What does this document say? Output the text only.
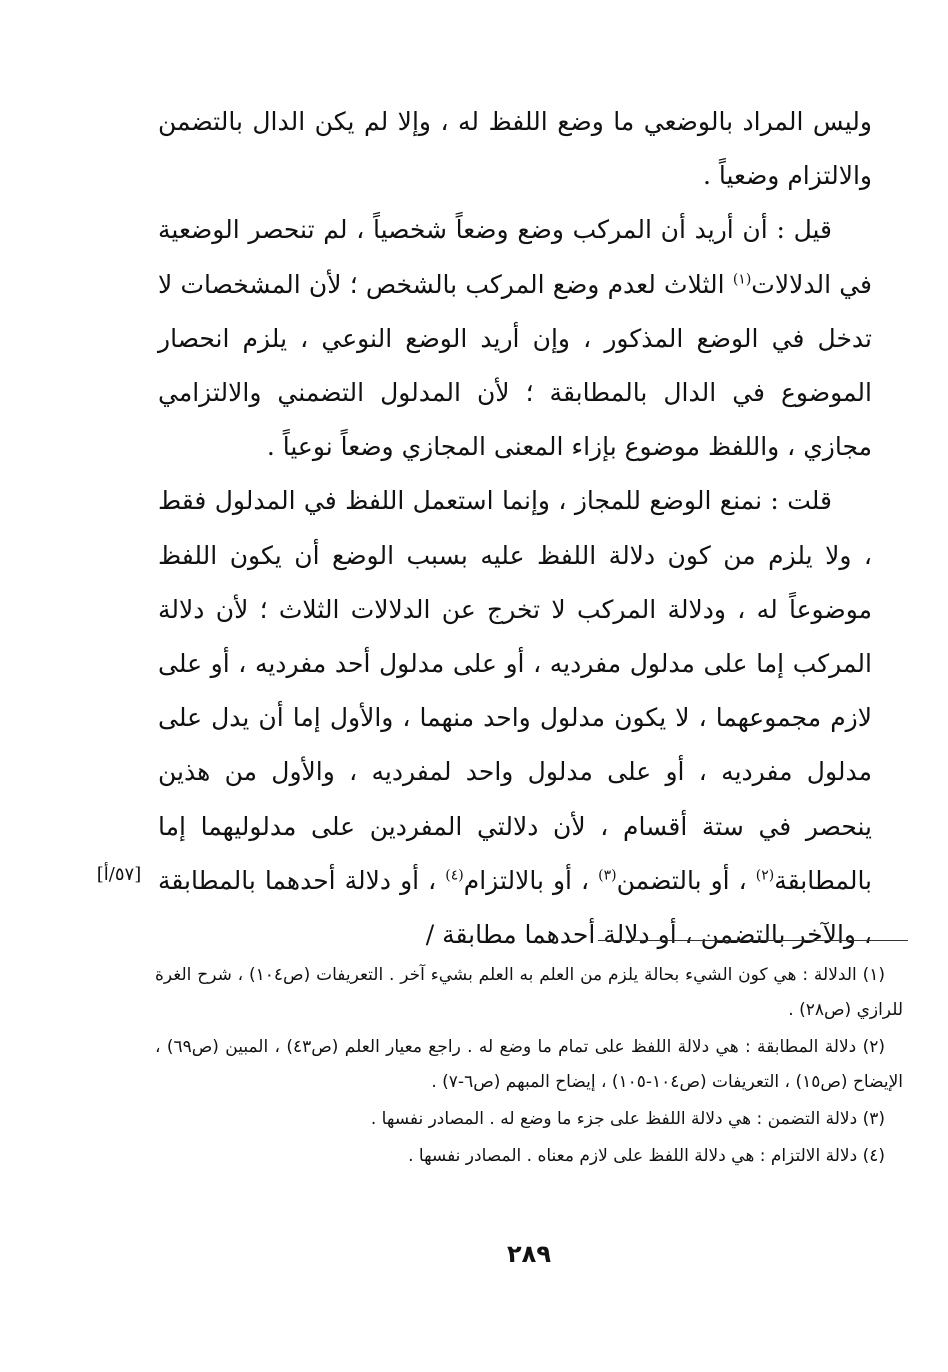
وليس المراد بالوضعي ما وضع اللفظ له ، وإلا لم يكن الدال بالتضمن والالتزام وضعياً .

قيل : أن أريد أن المركب وضع وضعاً شخصياً ، لم تنحصر الوضعية في الدلالات$^{(١)}$ الثلاث لعدم وضع المركب بالشخص ؛ لأن المشخصات لا تدخل في الوضع المذكور ، وإن أريد الوضع النوعي ، يلزم انحصار الموضوع في الدال بالمطابقة ؛ لأن المدلول التضمني والالتزامي مجازي ، واللفظ موضوع بإزاء المعنى المجازي وضعاً نوعياً .

قلت : نمنع الوضع للمجاز ، وإنما استعمل اللفظ في المدلول فقط ، ولا يلزم من كون دلالة اللفظ عليه بسبب الوضع أن يكون اللفظ موضوعاً له ، ودلالة المركب لا تخرج عن الدلالات الثلاث ؛ لأن دلالة المركب إما على مدلول مفرديه ، أو على مدلول أحد مفرديه ، أو على لازم مجموعهما ، لا يكون مدلول واحد منهما ، والأول إما أن يدل على مدلول مفرديه ، أو على مدلول واحد لمفرديه ، والأول من هذين ينحصر في ستة أقسام ، لأن دلالتي المفردين على مدلوليهما إما بالمطابقة$^{(٢)}$ ، أو بالتضمن$^{(٣)}$ ، أو بالالتزام$^{(٤)}$ ، أو دلالة أحدهما بالمطابقة ، والآخر بالتضمن ، أو دلالة أحدهما مطابقة /

[٥٧/أ]

(١) الدلالة : هي كون الشيء بحالة يلزم من العلم به العلم بشيء آخر . التعريفات (ص١٠٤) ، شرح الغرة للرازي (ص٢٨) .

(٢) دلالة المطابقة : هي دلالة اللفظ على تمام ما وضع له . راجع معيار العلم (ص٤٣) ، المبين (ص٦٩) ، الإيضاح (ص١٥) ، التعريفات (ص١٠٤-١٠٥) ، إيضاح المبهم (ص٦-٧) .

(٣) دلالة التضمن : هي دلالة اللفظ على جزء ما وضع له . المصادر نفسها .

(٤) دلالة الالتزام : هي دلالة اللفظ على لازم معناه . المصادر نفسها .

٢٨٩
